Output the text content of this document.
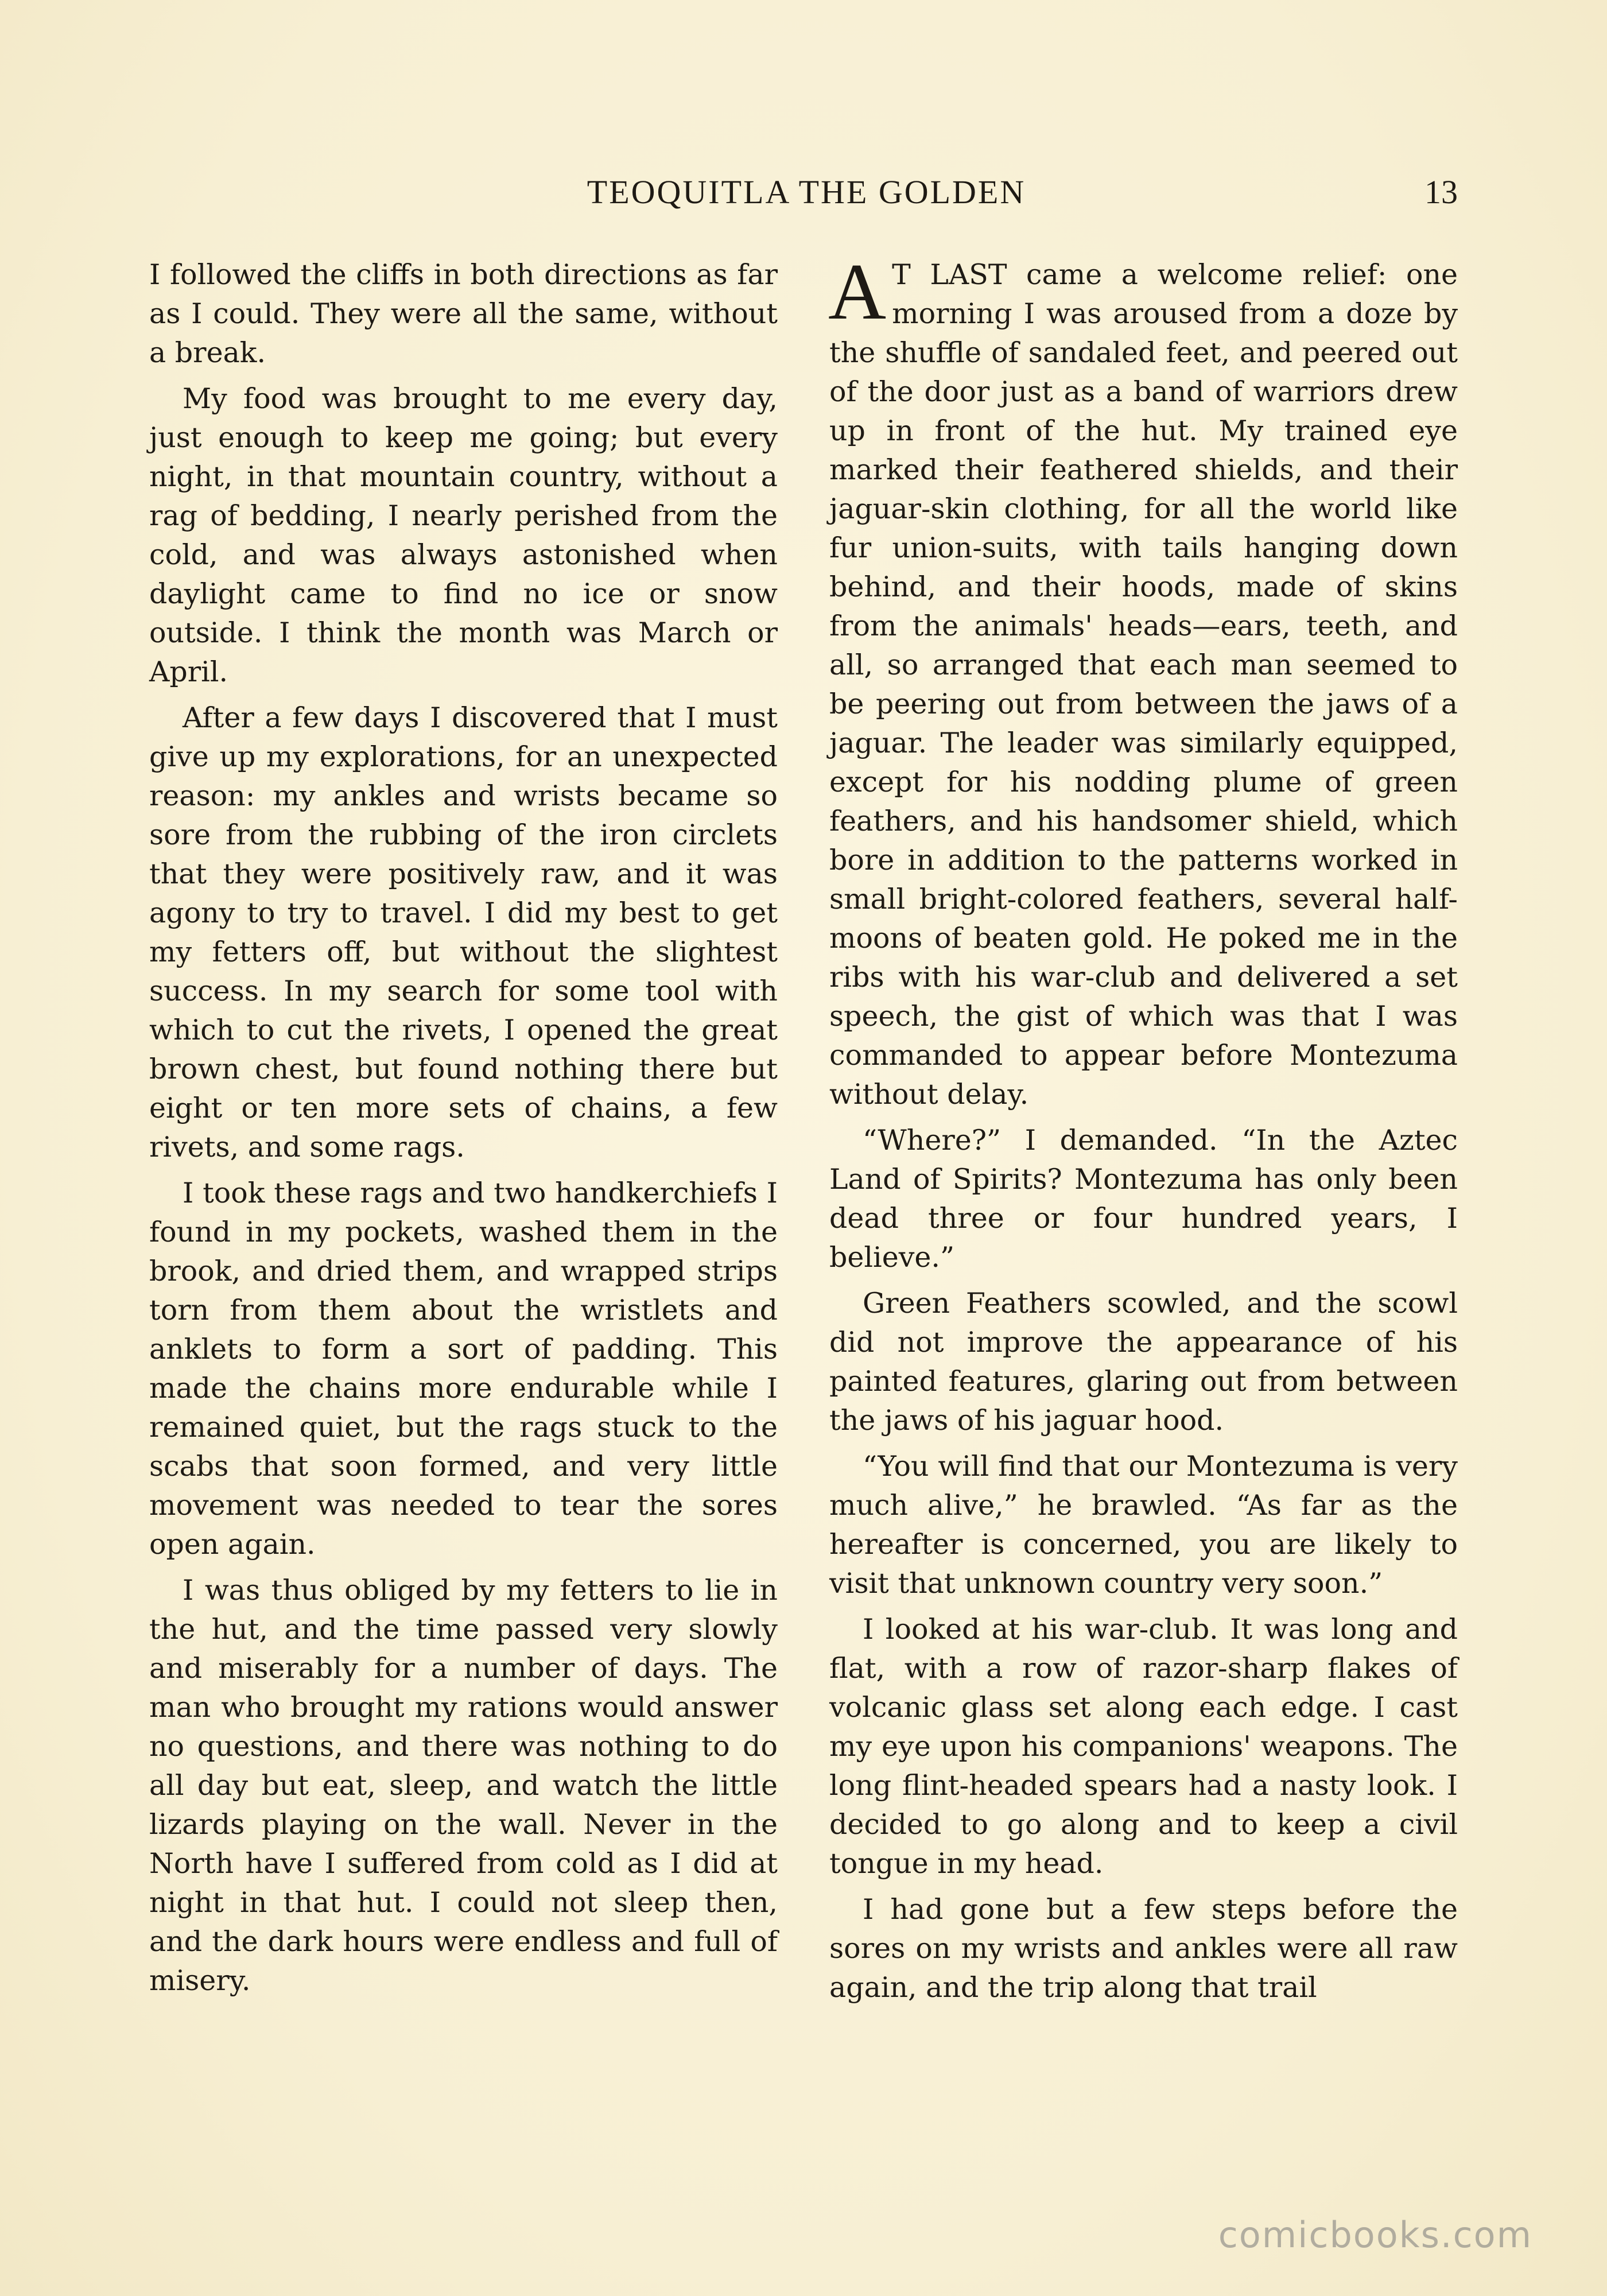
TEOQUITLA THE GOLDEN	13

I followed the cliffs in both directions as far as I could. They were all the same, without a break.

My food was brought to me every day, just enough to keep me going; but every night, in that mountain country, without a rag of bedding, I nearly perished from the cold, and was always astonished when daylight came to find no ice or snow outside. I think the month was March or April.

After a few days I discovered that I must give up my explorations, for an unexpected reason: my ankles and wrists became so sore from the rubbing of the iron circlets that they were positively raw, and it was agony to try to travel. I did my best to get my fetters off, but without the slightest success. In my search for some tool with which to cut the rivets, I opened the great brown chest, but found nothing there but eight or ten more sets of chains, a few rivets, and some rags.

I took these rags and two handkerchiefs I found in my pockets, washed them in the brook, and dried them, and wrapped strips torn from them about the wristlets and anklets to form a sort of padding. This made the chains more endurable while I remained quiet, but the rags stuck to the scabs that soon formed, and very little movement was needed to tear the sores open again.

I was thus obliged by my fetters to lie in the hut, and the time passed very slowly and miserably for a number of days. The man who brought my rations would answer no questions, and there was nothing to do all day but eat, sleep, and watch the little lizards playing on the wall. Never in the North have I suffered from cold as I did at night in that hut. I could not sleep then, and the dark hours were endless and full of misery.

A T LAST came a welcome relief: one morning I was aroused from a doze by the shuffle of sandaled feet, and peered out of the door just as a band of warriors drew up in front of the hut. My trained eye marked their feathered shields, and their jaguar-skin clothing, for all the world like fur union-suits, with tails hanging down behind, and their hoods, made of skins from the animals' heads—ears, teeth, and all, so arranged that each man seemed to be peering out from between the jaws of a jaguar. The leader was similarly equipped, except for his nodding plume of green feathers, and his handsomer shield, which bore in addition to the patterns worked in small bright-colored feathers, several half-moons of beaten gold. He poked me in the ribs with his war-club and delivered a set speech, the gist of which was that I was commanded to appear before Montezuma without delay.

“Where?” I demanded. “In the Aztec Land of Spirits? Montezuma has only been dead three or four hundred years, I believe.”

Green Feathers scowled, and the scowl did not improve the appearance of his painted features, glaring out from between the jaws of his jaguar hood.

“You will find that our Montezuma is very much alive,” he brawled. “As far as the hereafter is concerned, you are likely to visit that unknown country very soon.”

I looked at his war-club. It was long and flat, with a row of razor-sharp flakes of volcanic glass set along each edge. I cast my eye upon his companions' weapons. The long flint-headed spears had a nasty look. I decided to go along and to keep a civil tongue in my head.

I had gone but a few steps before the sores on my wrists and ankles were all raw again, and the trip along that trail

comicbooks.com
